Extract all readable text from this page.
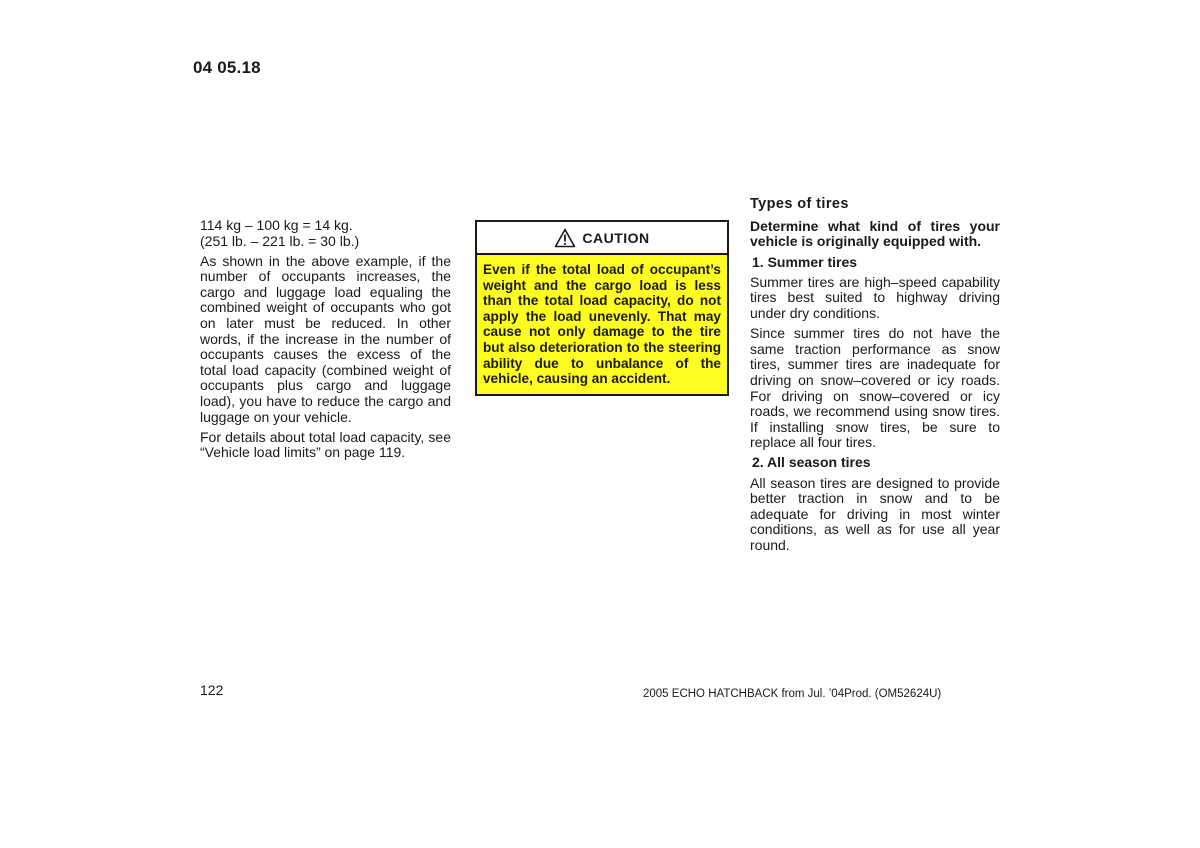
04 05.18

114 kg – 100 kg = 14 kg.

(251 lb. – 221 lb. = 30 lb.)

As shown in the above example, if the number of occupants increases, the cargo and luggage load equaling the combined weight of occupants who got on later must be reduced. In other words, if the increase in the number of occupants causes the excess of the total load capacity (combined weight of occupants plus cargo and luggage load), you have to reduce the cargo and luggage on your vehicle.

For details about total load capacity, see “Vehicle load limits” on page 119.

CAUTION
Even if the total load of occupant’s weight and the cargo load is less than the total load capacity, do not apply the load unevenly. That may cause not only damage to the tire but also deterioration to the steering ability due to unbalance of the vehicle, causing an accident.

Types of tires

Determine what kind of tires your vehicle is originally equipped with.

1. Summer tires

Summer tires are high–speed capability tires best suited to highway driving under dry conditions.

Since summer tires do not have the same traction performance as snow tires, summer tires are inadequate for driving on snow–covered or icy roads. For driving on snow–covered or icy roads, we recommend using snow tires. If installing snow tires, be sure to replace all four tires.

2. All season tires

All season tires are designed to provide better traction in snow and to be adequate for driving in most winter conditions, as well as for use all year round.

122	2005 ECHO HATCHBACK from Jul. ’04Prod. (OM52624U)
